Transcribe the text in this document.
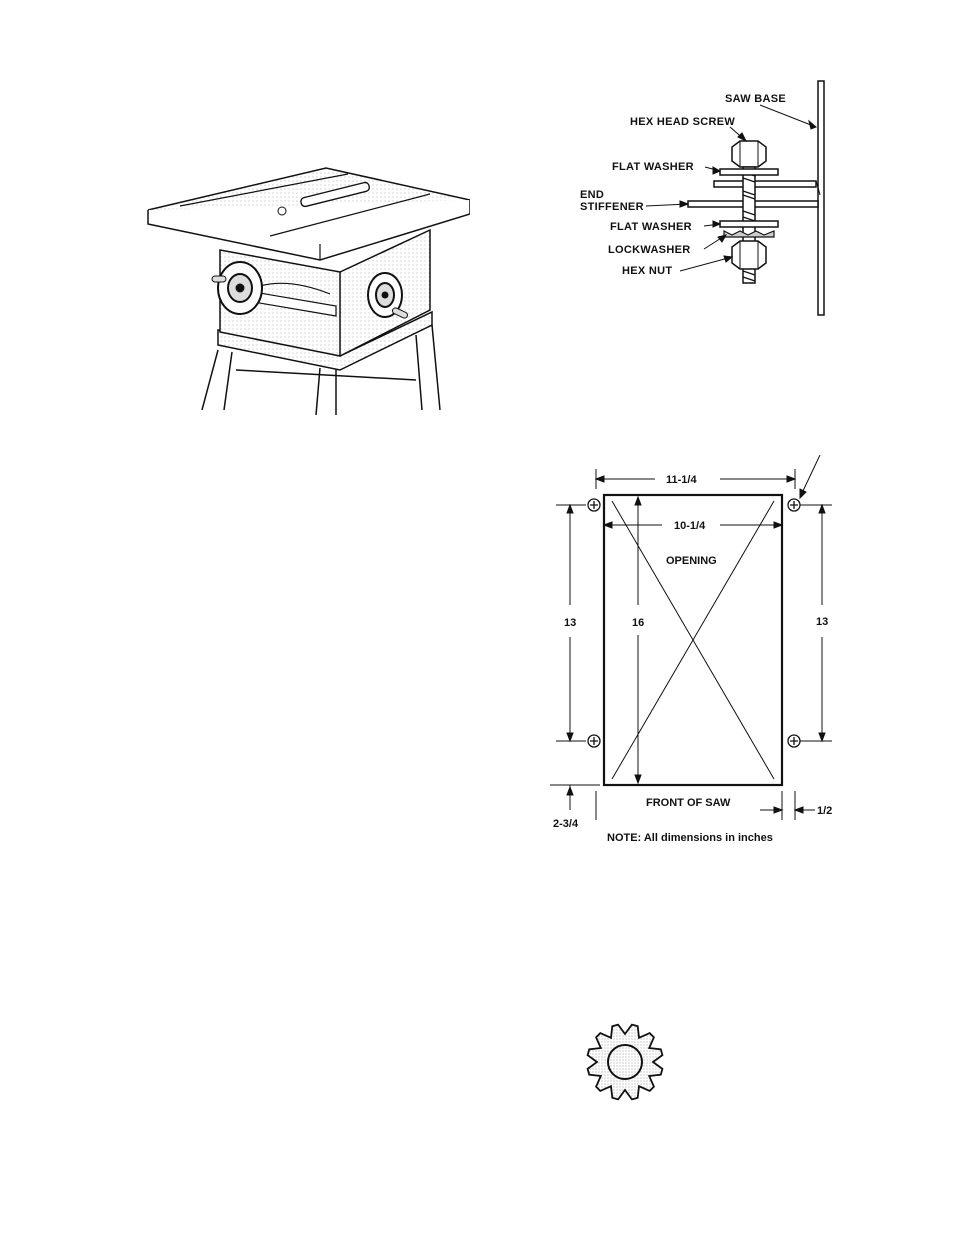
SAW BASE
HEX HEAD SCREW
FLAT WASHER
END
STIFFENER
FLAT WASHER
LOCKWASHER
HEX NUT
11-1/4
10-1/4
OPENING
13	16	13
FRONT OF SAW
2-3/4
1/2
NOTE: All dimensions in inches
